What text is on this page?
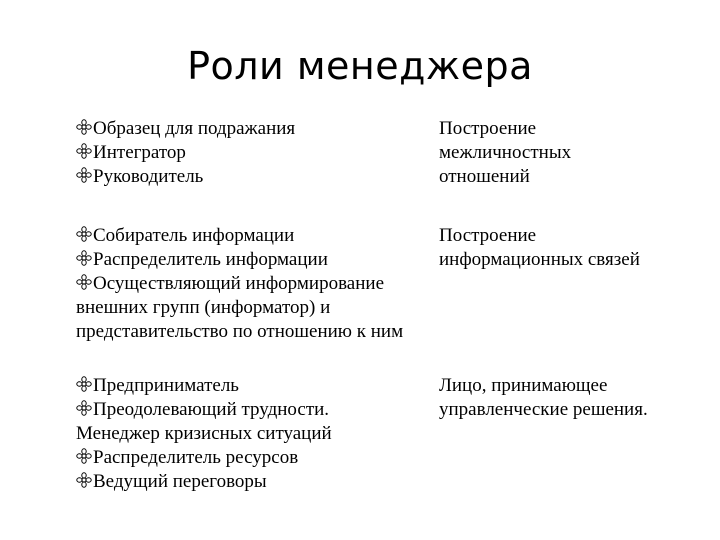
Роли менеджера
Образец для подражания
Интегратор
Руководитель
Построение
межличностных
отношений
Собиратель информации
Распределитель информации
Осуществляющий информирование
внешних групп (информатор) и
представительство по отношению к ним
Построение
информационных связей
Предприниматель
Преодолевающий трудности.
Менеджер кризисных ситуаций
Распределитель ресурсов
Ведущий переговоры
Лицо, принимающее
управленческие решения.
